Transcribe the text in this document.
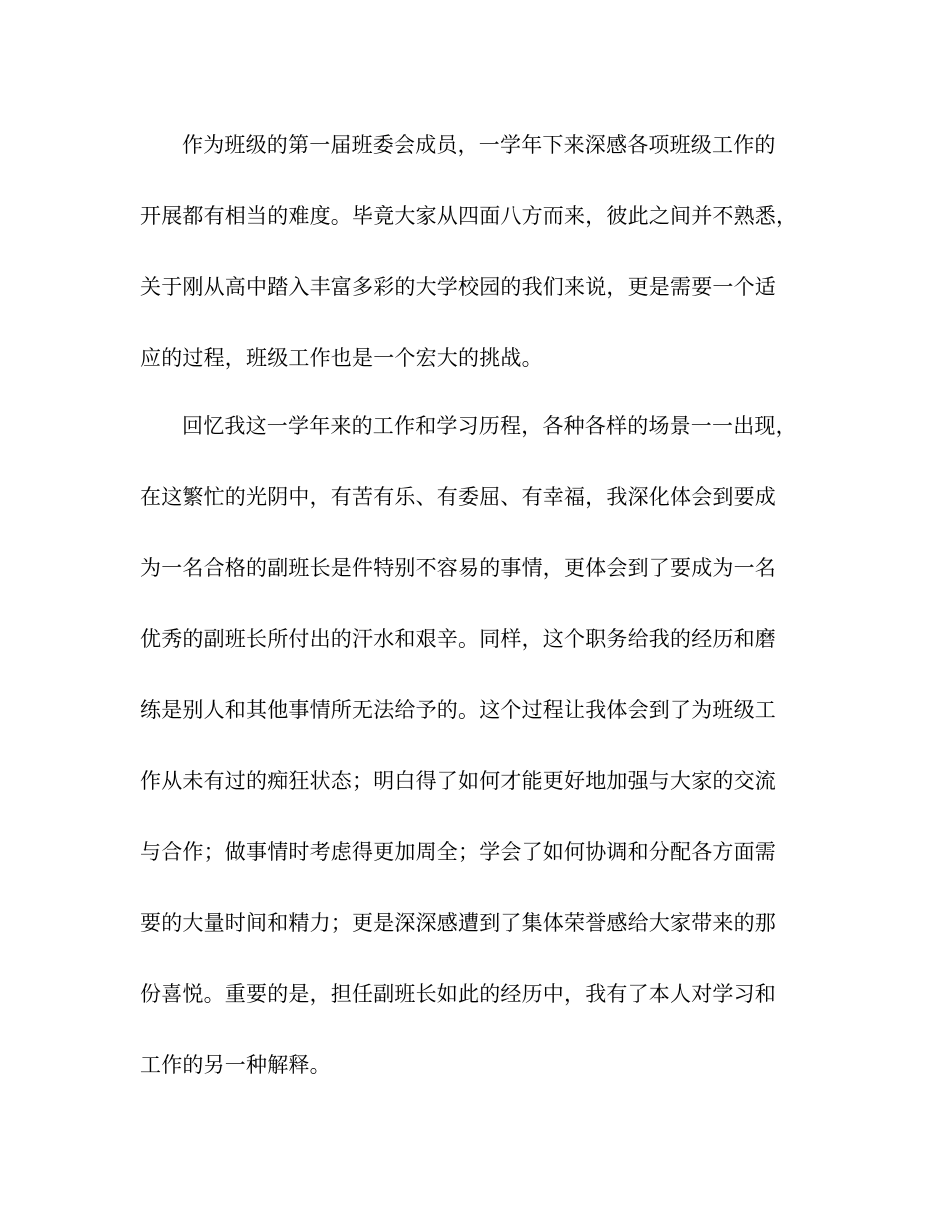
作为班级的第一届班委会成员，一学年下来深感各项班级工作的
开展都有相当的难度。毕竟大家从四面八方而来，彼此之间并不熟悉，
关于刚从高中踏入丰富多彩的大学校园的我们来说，更是需要一个适
应的过程，班级工作也是一个宏大的挑战。
回忆我这一学年来的工作和学习历程，各种各样的场景一一出现，
在这繁忙的光阴中，有苦有乐、有委屈、有幸福，我深化体会到要成
为一名合格的副班长是件特别不容易的事情，更体会到了要成为一名
优秀的副班长所付出的汗水和艰辛。同样，这个职务给我的经历和磨
练是别人和其他事情所无法给予的。这个过程让我体会到了为班级工
作从未有过的痴狂状态；明白得了如何才能更好地加强与大家的交流
与合作；做事情时考虑得更加周全；学会了如何协调和分配各方面需
要的大量时间和精力；更是深深感遭到了集体荣誉感给大家带来的那
份喜悦。重要的是，担任副班长如此的经历中，我有了本人对学习和
工作的另一种解释。
